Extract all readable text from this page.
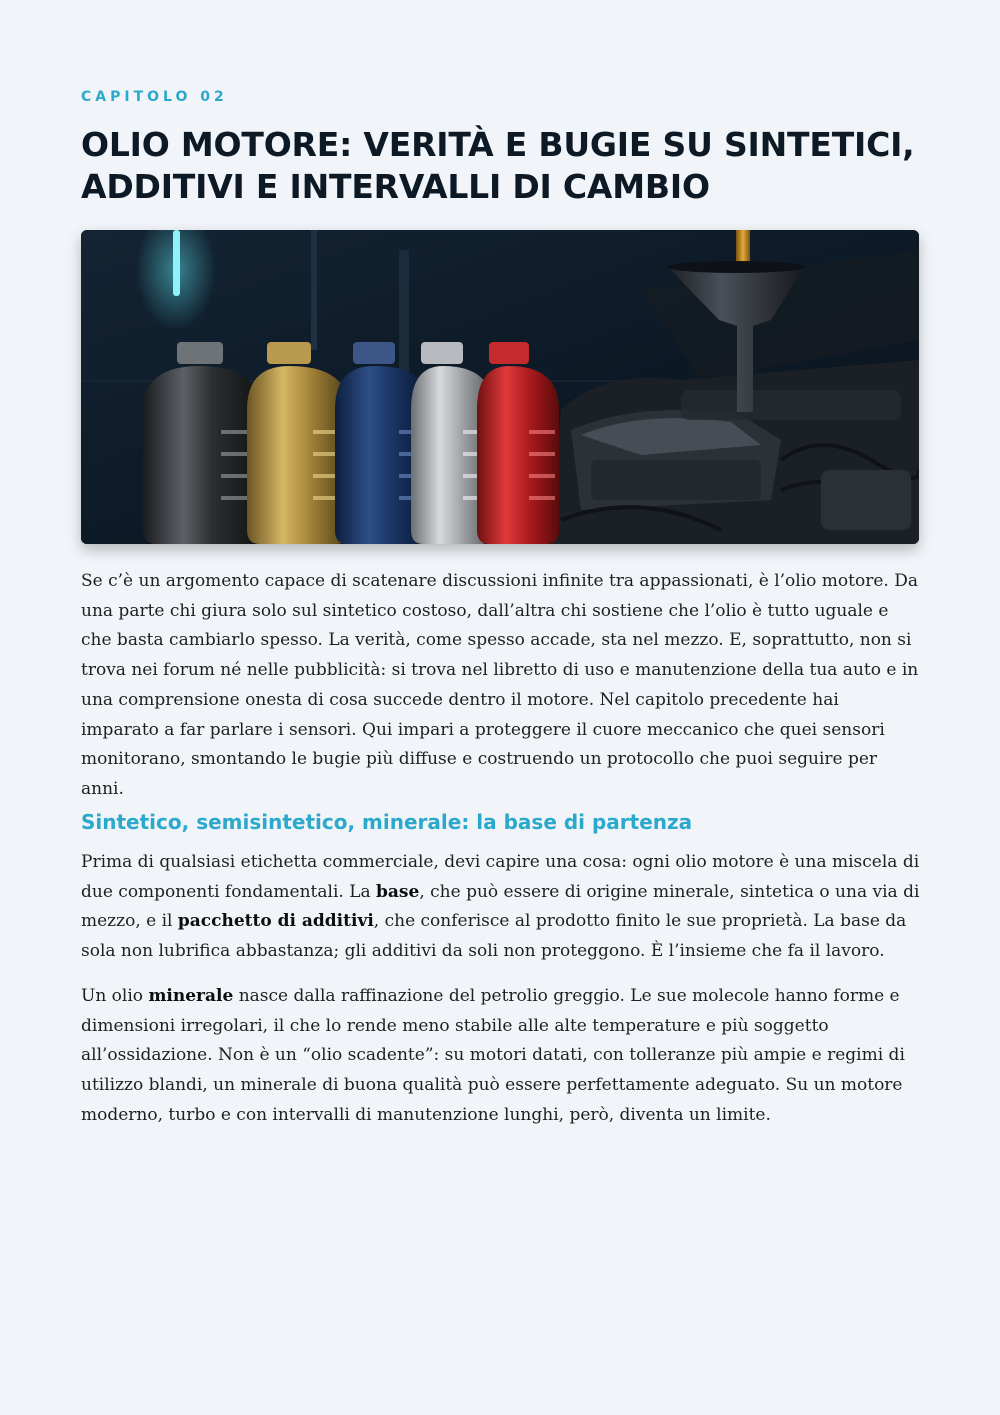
CAPITOLO 02
OLIO MOTORE: VERITÀ E BUGIE SU SINTETICI, ADDITIVI E INTERVALLI DI CAMBIO

Se c’è un argomento capace di scatenare discussioni infinite tra appassionati, è l’olio motore. Da una parte chi giura solo sul sintetico costoso, dall’altra chi sostiene che l’olio è tutto uguale e che basta cambiarlo spesso. La verità, come spesso accade, sta nel mezzo. E, soprattutto, non si trova nei forum né nelle pubblicità: si trova nel libretto di uso e manutenzione della tua auto e in una comprensione onesta di cosa succede dentro il motore. Nel capitolo precedente hai imparato a far parlare i sensori. Qui impari a proteggere il cuore meccanico che quei sensori monitorano, smontando le bugie più diffuse e costruendo un protocollo che puoi seguire per anni.

Sintetico, semisintetico, minerale: la base di partenza

Prima di qualsiasi etichetta commerciale, devi capire una cosa: ogni olio motore è una miscela di due componenti fondamentali. La base, che può essere di origine minerale, sintetica o una via di mezzo, e il pacchetto di additivi, che conferisce al prodotto finito le sue proprietà. La base da sola non lubrifica abbastanza; gli additivi da soli non proteggono. È l’insieme che fa il lavoro.

Un olio minerale nasce dalla raffinazione del petrolio greggio. Le sue molecole hanno forme e dimensioni irregolari, il che lo rende meno stabile alle alte temperature e più soggetto all’ossidazione. Non è un “olio scadente”: su motori datati, con tolleranze più ampie e regimi di utilizzo blandi, un minerale di buona qualità può essere perfettamente adeguato. Su un motore moderno, turbo e con intervalli di manutenzione lunghi, però, diventa un limite.
